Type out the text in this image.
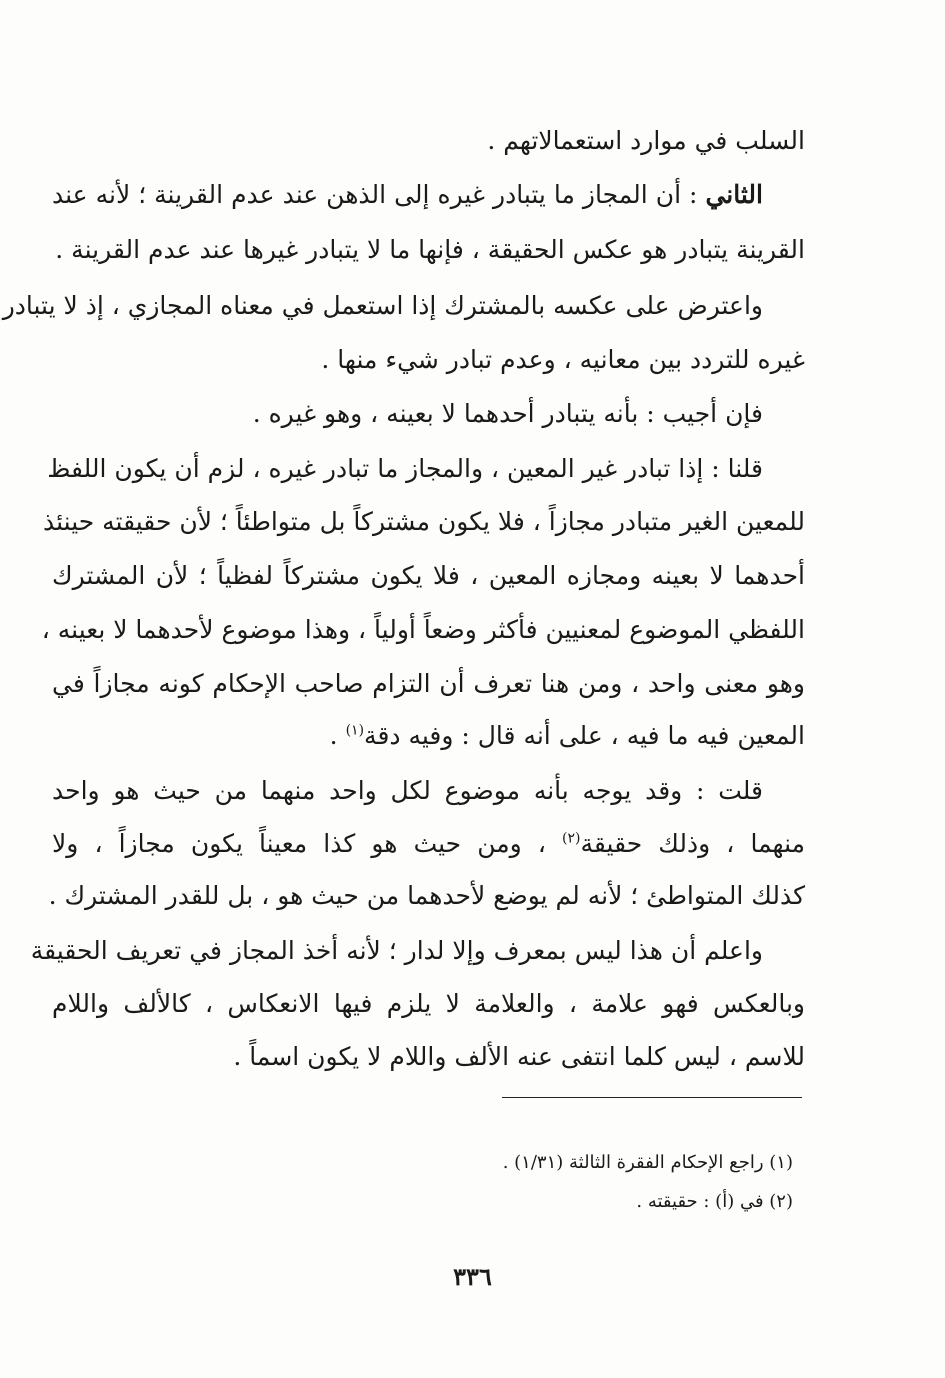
السلب في موارد استعمالاتهم .
الثاني : أن المجاز ما يتبادر غيره إلى الذهن عند عدم القرينة ؛ لأنه عند
القرينة يتبادر هو عكس الحقيقة ، فإنها ما لا يتبادر غيرها عند عدم القرينة .
واعترض على عكسه بالمشترك إذا استعمل في معناه المجازي ، إذ لا يتبادر
غيره للتردد بين معانيه ، وعدم تبادر شيء منها .
فإن أجيب : بأنه يتبادر أحدهما لا بعينه ، وهو غيره .
قلنا : إذا تبادر غير المعين ، والمجاز ما تبادر غيره ، لزم أن يكون اللفظ
للمعين الغير متبادر مجازاً ، فلا يكون مشتركاً بل متواطئاً ؛ لأن حقيقته حينئذ
أحدهما لا بعينه ومجازه المعين ، فلا يكون مشتركاً لفظياً ؛ لأن المشترك
اللفظي الموضوع لمعنيين فأكثر وضعاً أولياً ، وهذا موضوع لأحدهما لا بعينه ،
وهو معنى واحد ، ومن هنا تعرف أن التزام صاحب الإحكام كونه مجازاً في
المعين فيه ما فيه ، على أنه قال : وفيه دقة$^{(١)}$ .
قلت : وقد يوجه بأنه موضوع لكل واحد منهما من حيث هو واحد
منهما ، وذلك حقيقة$^{(٢)}$ ، ومن حيث هو كذا معيناً يكون مجازاً ، ولا
كذلك المتواطئ ؛ لأنه لم يوضع لأحدهما من حيث هو ، بل للقدر المشترك .
واعلم أن هذا ليس بمعرف وإلا لدار ؛ لأنه أخذ المجاز في تعريف الحقيقة
وبالعكس فهو علامة ، والعلامة لا يلزم فيها الانعكاس ، كالألف واللام
للاسم ، ليس كلما انتفى عنه الألف واللام لا يكون اسماً .
(١) راجع الإحكام الفقرة الثالثة (١/٣١) .
(٢) في (أ) : حقيقته .
٣٣٦
